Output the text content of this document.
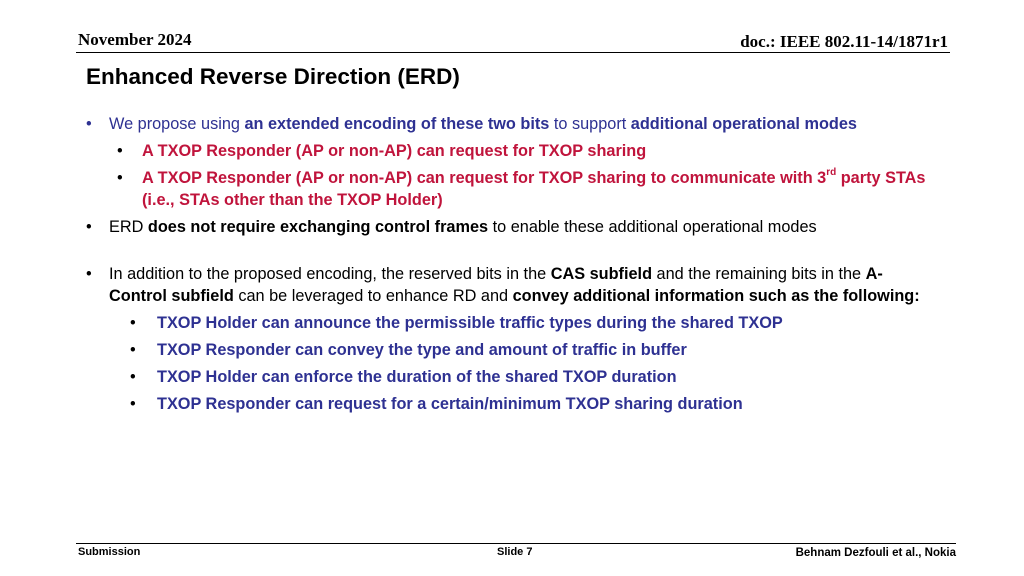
November 2024	doc.: IEEE 802.11-14/1871r1
Enhanced Reverse Direction (ERD)
• We propose using an extended encoding of these two bits to support additional operational modes
• A TXOP Responder (AP or non-AP) can request for TXOP sharing
• A TXOP Responder (AP or non-AP) can request for TXOP sharing to communicate with 3rd party STAs (i.e., STAs other than the TXOP Holder)
• ERD does not require exchanging control frames to enable these additional operational modes
• In addition to the proposed encoding, the reserved bits in the CAS subfield and the remaining bits in the A-Control subfield can be leveraged to enhance RD and convey additional information such as the following:
• TXOP Holder can announce the permissible traffic types during the shared TXOP
• TXOP Responder can convey the type and amount of traffic in buffer
• TXOP Holder can enforce the duration of the shared TXOP duration
• TXOP Responder can request for a certain/minimum TXOP sharing duration
Submission	Slide 7	Behnam Dezfouli et al., Nokia
